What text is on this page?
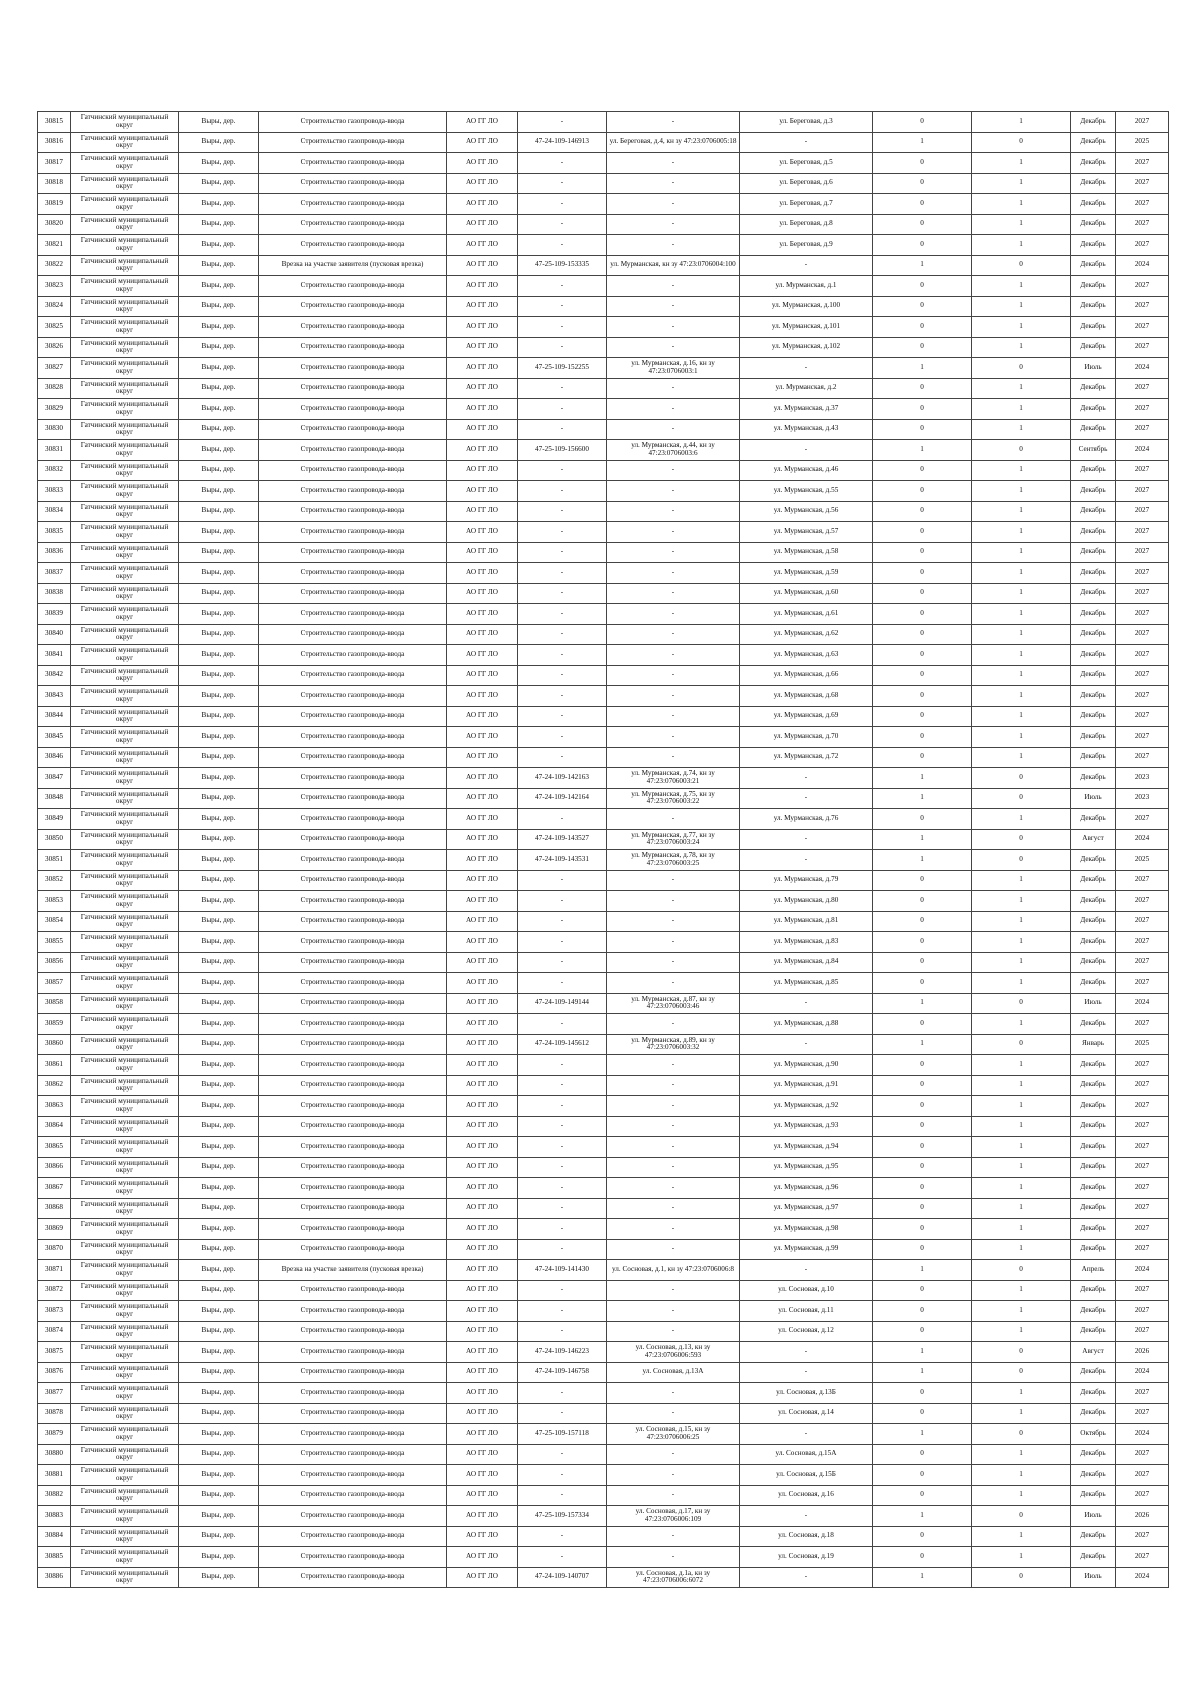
30815	Гатчинский муниципальный округ	Выры, дер.	Строительство газопровода-ввода	АО ГГ ЛО	-	-	ул. Береговая, д.3	0	1	Декабрь	2027
30816	Гатчинский муниципальный округ	Выры, дер.	Строительство газопровода-ввода	АО ГГ ЛО	47-24-109-146913	ул. Береговая, д.4, кн зу 47:23:0706005:18	-	1	0	Декабрь	2025
30817	Гатчинский муниципальный округ	Выры, дер.	Строительство газопровода-ввода	АО ГГ ЛО	-	-	ул. Береговая, д.5	0	1	Декабрь	2027
30818	Гатчинский муниципальный округ	Выры, дер.	Строительство газопровода-ввода	АО ГГ ЛО	-	-	ул. Береговая, д.6	0	1	Декабрь	2027
30819	Гатчинский муниципальный округ	Выры, дер.	Строительство газопровода-ввода	АО ГГ ЛО	-	-	ул. Береговая, д.7	0	1	Декабрь	2027
30820	Гатчинский муниципальный округ	Выры, дер.	Строительство газопровода-ввода	АО ГГ ЛО	-	-	ул. Береговая, д.8	0	1	Декабрь	2027
30821	Гатчинский муниципальный округ	Выры, дер.	Строительство газопровода-ввода	АО ГГ ЛО	-	-	ул. Береговая, д.9	0	1	Декабрь	2027
30822	Гатчинский муниципальный округ	Выры, дер.	Врезка на участке заявителя (пусковая врезка)	АО ГГ ЛО	47-25-109-153335	ул. Мурманская, кн зу 47:23:0706004:100	-	1	0	Декабрь	2024
30823	Гатчинский муниципальный округ	Выры, дер.	Строительство газопровода-ввода	АО ГГ ЛО	-	-	ул. Мурманская, д.1	0	1	Декабрь	2027
30824	Гатчинский муниципальный округ	Выры, дер.	Строительство газопровода-ввода	АО ГГ ЛО	-	-	ул. Мурманская, д.100	0	1	Декабрь	2027
30825	Гатчинский муниципальный округ	Выры, дер.	Строительство газопровода-ввода	АО ГГ ЛО	-	-	ул. Мурманская, д.101	0	1	Декабрь	2027
30826	Гатчинский муниципальный округ	Выры, дер.	Строительство газопровода-ввода	АО ГГ ЛО	-	-	ул. Мурманская, д.102	0	1	Декабрь	2027
30827	Гатчинский муниципальный округ	Выры, дер.	Строительство газопровода-ввода	АО ГГ ЛО	47-25-109-152255	ул. Мурманская, д.16, кн зу 47:23:0706003:1	-	1	0	Июль	2024
30828	Гатчинский муниципальный округ	Выры, дер.	Строительство газопровода-ввода	АО ГГ ЛО	-	-	ул. Мурманская, д.2	0	1	Декабрь	2027
30829	Гатчинский муниципальный округ	Выры, дер.	Строительство газопровода-ввода	АО ГГ ЛО	-	-	ул. Мурманская, д.37	0	1	Декабрь	2027
30830	Гатчинский муниципальный округ	Выры, дер.	Строительство газопровода-ввода	АО ГГ ЛО	-	-	ул. Мурманская, д.43	0	1	Декабрь	2027
30831	Гатчинский муниципальный округ	Выры, дер.	Строительство газопровода-ввода	АО ГГ ЛО	47-25-109-156600	ул. Мурманская, д.44, кн зу 47:23:0706003:6	-	1	0	Сентябрь	2024
30832	Гатчинский муниципальный округ	Выры, дер.	Строительство газопровода-ввода	АО ГГ ЛО	-	-	ул. Мурманская, д.46	0	1	Декабрь	2027
30833	Гатчинский муниципальный округ	Выры, дер.	Строительство газопровода-ввода	АО ГГ ЛО	-	-	ул. Мурманская, д.55	0	1	Декабрь	2027
30834	Гатчинский муниципальный округ	Выры, дер.	Строительство газопровода-ввода	АО ГГ ЛО	-	-	ул. Мурманская, д.56	0	1	Декабрь	2027
30835	Гатчинский муниципальный округ	Выры, дер.	Строительство газопровода-ввода	АО ГГ ЛО	-	-	ул. Мурманская, д.57	0	1	Декабрь	2027
30836	Гатчинский муниципальный округ	Выры, дер.	Строительство газопровода-ввода	АО ГГ ЛО	-	-	ул. Мурманская, д.58	0	1	Декабрь	2027
30837	Гатчинский муниципальный округ	Выры, дер.	Строительство газопровода-ввода	АО ГГ ЛО	-	-	ул. Мурманская, д.59	0	1	Декабрь	2027
30838	Гатчинский муниципальный округ	Выры, дер.	Строительство газопровода-ввода	АО ГГ ЛО	-	-	ул. Мурманская, д.60	0	1	Декабрь	2027
30839	Гатчинский муниципальный округ	Выры, дер.	Строительство газопровода-ввода	АО ГГ ЛО	-	-	ул. Мурманская, д.61	0	1	Декабрь	2027
30840	Гатчинский муниципальный округ	Выры, дер.	Строительство газопровода-ввода	АО ГГ ЛО	-	-	ул. Мурманская, д.62	0	1	Декабрь	2027
30841	Гатчинский муниципальный округ	Выры, дер.	Строительство газопровода-ввода	АО ГГ ЛО	-	-	ул. Мурманская, д.63	0	1	Декабрь	2027
30842	Гатчинский муниципальный округ	Выры, дер.	Строительство газопровода-ввода	АО ГГ ЛО	-	-	ул. Мурманская, д.66	0	1	Декабрь	2027
30843	Гатчинский муниципальный округ	Выры, дер.	Строительство газопровода-ввода	АО ГГ ЛО	-	-	ул. Мурманская, д.68	0	1	Декабрь	2027
30844	Гатчинский муниципальный округ	Выры, дер.	Строительство газопровода-ввода	АО ГГ ЛО	-	-	ул. Мурманская, д.69	0	1	Декабрь	2027
30845	Гатчинский муниципальный округ	Выры, дер.	Строительство газопровода-ввода	АО ГГ ЛО	-	-	ул. Мурманская, д.70	0	1	Декабрь	2027
30846	Гатчинский муниципальный округ	Выры, дер.	Строительство газопровода-ввода	АО ГГ ЛО	-	-	ул. Мурманская, д.72	0	1	Декабрь	2027
30847	Гатчинский муниципальный округ	Выры, дер.	Строительство газопровода-ввода	АО ГГ ЛО	47-24-109-142163	ул. Мурманская, д.74, кн зу 47:23:0706003:21	-	1	0	Декабрь	2023
30848	Гатчинский муниципальный округ	Выры, дер.	Строительство газопровода-ввода	АО ГГ ЛО	47-24-109-142164	ул. Мурманская, д.75, кн зу 47:23:0706003:22	-	1	0	Июль	2023
30849	Гатчинский муниципальный округ	Выры, дер.	Строительство газопровода-ввода	АО ГГ ЛО	-	-	ул. Мурманская, д.76	0	1	Декабрь	2027
30850	Гатчинский муниципальный округ	Выры, дер.	Строительство газопровода-ввода	АО ГГ ЛО	47-24-109-143527	ул. Мурманская, д.77, кн зу 47:23:0706003:24	-	1	0	Август	2024
30851	Гатчинский муниципальный округ	Выры, дер.	Строительство газопровода-ввода	АО ГГ ЛО	47-24-109-143531	ул. Мурманская, д.78, кн зу 47:23:0706003:25	-	1	0	Декабрь	2025
30852	Гатчинский муниципальный округ	Выры, дер.	Строительство газопровода-ввода	АО ГГ ЛО	-	-	ул. Мурманская, д.79	0	1	Декабрь	2027
30853	Гатчинский муниципальный округ	Выры, дер.	Строительство газопровода-ввода	АО ГГ ЛО	-	-	ул. Мурманская, д.80	0	1	Декабрь	2027
30854	Гатчинский муниципальный округ	Выры, дер.	Строительство газопровода-ввода	АО ГГ ЛО	-	-	ул. Мурманская, д.81	0	1	Декабрь	2027
30855	Гатчинский муниципальный округ	Выры, дер.	Строительство газопровода-ввода	АО ГГ ЛО	-	-	ул. Мурманская, д.83	0	1	Декабрь	2027
30856	Гатчинский муниципальный округ	Выры, дер.	Строительство газопровода-ввода	АО ГГ ЛО	-	-	ул. Мурманская, д.84	0	1	Декабрь	2027
30857	Гатчинский муниципальный округ	Выры, дер.	Строительство газопровода-ввода	АО ГГ ЛО	-	-	ул. Мурманская, д.85	0	1	Декабрь	2027
30858	Гатчинский муниципальный округ	Выры, дер.	Строительство газопровода-ввода	АО ГГ ЛО	47-24-109-149144	ул. Мурманская, д.87, кн зу 47:23:0706003:46	-	1	0	Июль	2024
30859	Гатчинский муниципальный округ	Выры, дер.	Строительство газопровода-ввода	АО ГГ ЛО	-	-	ул. Мурманская, д.88	0	1	Декабрь	2027
30860	Гатчинский муниципальный округ	Выры, дер.	Строительство газопровода-ввода	АО ГГ ЛО	47-24-109-145612	ул. Мурманская, д.89, кн зу 47:23:0706003:32	-	1	0	Январь	2025
30861	Гатчинский муниципальный округ	Выры, дер.	Строительство газопровода-ввода	АО ГГ ЛО	-	-	ул. Мурманская, д.90	0	1	Декабрь	2027
30862	Гатчинский муниципальный округ	Выры, дер.	Строительство газопровода-ввода	АО ГГ ЛО	-	-	ул. Мурманская, д.91	0	1	Декабрь	2027
30863	Гатчинский муниципальный округ	Выры, дер.	Строительство газопровода-ввода	АО ГГ ЛО	-	-	ул. Мурманская, д.92	0	1	Декабрь	2027
30864	Гатчинский муниципальный округ	Выры, дер.	Строительство газопровода-ввода	АО ГГ ЛО	-	-	ул. Мурманская, д.93	0	1	Декабрь	2027
30865	Гатчинский муниципальный округ	Выры, дер.	Строительство газопровода-ввода	АО ГГ ЛО	-	-	ул. Мурманская, д.94	0	1	Декабрь	2027
30866	Гатчинский муниципальный округ	Выры, дер.	Строительство газопровода-ввода	АО ГГ ЛО	-	-	ул. Мурманская, д.95	0	1	Декабрь	2027
30867	Гатчинский муниципальный округ	Выры, дер.	Строительство газопровода-ввода	АО ГГ ЛО	-	-	ул. Мурманская, д.96	0	1	Декабрь	2027
30868	Гатчинский муниципальный округ	Выры, дер.	Строительство газопровода-ввода	АО ГГ ЛО	-	-	ул. Мурманская, д.97	0	1	Декабрь	2027
30869	Гатчинский муниципальный округ	Выры, дер.	Строительство газопровода-ввода	АО ГГ ЛО	-	-	ул. Мурманская, д.98	0	1	Декабрь	2027
30870	Гатчинский муниципальный округ	Выры, дер.	Строительство газопровода-ввода	АО ГГ ЛО	-	-	ул. Мурманская, д.99	0	1	Декабрь	2027
30871	Гатчинский муниципальный округ	Выры, дер.	Врезка на участке заявителя (пусковая врезка)	АО ГГ ЛО	47-24-109-141430	ул. Сосновая, д.1, кн зу 47:23:0706006:8	-	1	0	Апрель	2024
30872	Гатчинский муниципальный округ	Выры, дер.	Строительство газопровода-ввода	АО ГГ ЛО	-	-	ул. Сосновая, д.10	0	1	Декабрь	2027
30873	Гатчинский муниципальный округ	Выры, дер.	Строительство газопровода-ввода	АО ГГ ЛО	-	-	ул. Сосновая, д.11	0	1	Декабрь	2027
30874	Гатчинский муниципальный округ	Выры, дер.	Строительство газопровода-ввода	АО ГГ ЛО	-	-	ул. Сосновая, д.12	0	1	Декабрь	2027
30875	Гатчинский муниципальный округ	Выры, дер.	Строительство газопровода-ввода	АО ГГ ЛО	47-24-109-146223	ул. Сосновая, д.13, кн зу 47:23:0706006:593	-	1	0	Август	2026
30876	Гатчинский муниципальный округ	Выры, дер.	Строительство газопровода-ввода	АО ГГ ЛО	47-24-109-146758	ул. Сосновая, д.13А	-	1	0	Декабрь	2024
30877	Гатчинский муниципальный округ	Выры, дер.	Строительство газопровода-ввода	АО ГГ ЛО	-	-	ул. Сосновая, д.13Б	0	1	Декабрь	2027
30878	Гатчинский муниципальный округ	Выры, дер.	Строительство газопровода-ввода	АО ГГ ЛО	-	-	ул. Сосновая, д.14	0	1	Декабрь	2027
30879	Гатчинский муниципальный округ	Выры, дер.	Строительство газопровода-ввода	АО ГГ ЛО	47-25-109-157118	ул. Сосновая, д.15, кн зу 47:23:0706006:25	-	1	0	Октябрь	2024
30880	Гатчинский муниципальный округ	Выры, дер.	Строительство газопровода-ввода	АО ГГ ЛО	-	-	ул. Сосновая, д.15А	0	1	Декабрь	2027
30881	Гатчинский муниципальный округ	Выры, дер.	Строительство газопровода-ввода	АО ГГ ЛО	-	-	ул. Сосновая, д.15Б	0	1	Декабрь	2027
30882	Гатчинский муниципальный округ	Выры, дер.	Строительство газопровода-ввода	АО ГГ ЛО	-	-	ул. Сосновая, д.16	0	1	Декабрь	2027
30883	Гатчинский муниципальный округ	Выры, дер.	Строительство газопровода-ввода	АО ГГ ЛО	47-25-109-157334	ул. Сосновая, д.17, кн зу 47:23:0706006:109	-	1	0	Июль	2026
30884	Гатчинский муниципальный округ	Выры, дер.	Строительство газопровода-ввода	АО ГГ ЛО	-	-	ул. Сосновая, д.18	0	1	Декабрь	2027
30885	Гатчинский муниципальный округ	Выры, дер.	Строительство газопровода-ввода	АО ГГ ЛО	-	-	ул. Сосновая, д.19	0	1	Декабрь	2027
30886	Гатчинский муниципальный округ	Выры, дер.	Строительство газопровода-ввода	АО ГГ ЛО	47-24-109-140707	ул. Сосновая, д.1а, кн зу 47:23:0706006:6072	-	1	0	Июль	2024
